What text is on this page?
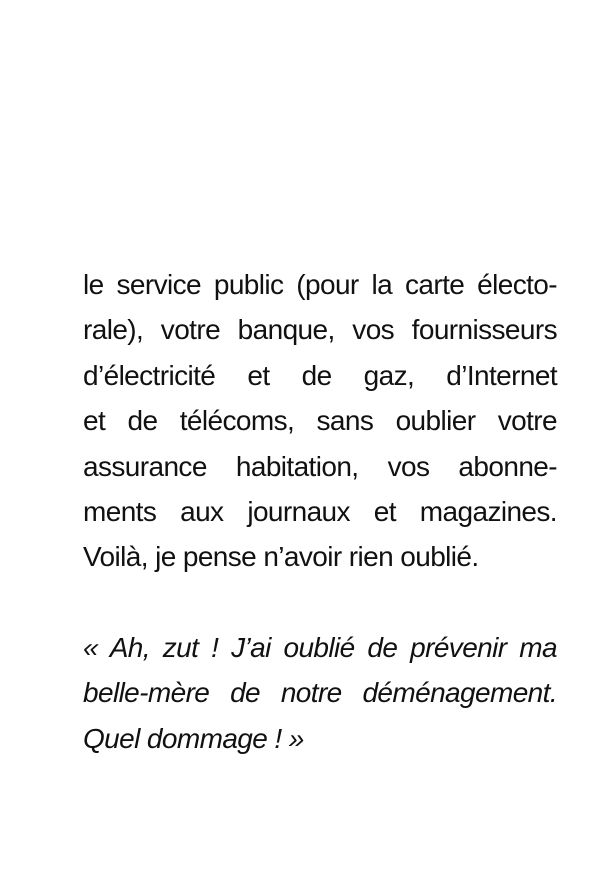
le service public (pour la carte électo-
rale), votre banque, vos fournisseurs
d’électricité et de gaz, d’Internet
et de télécoms, sans oublier votre
assurance habitation, vos abonne-
ments aux journaux et magazines.
Voilà, je pense n’avoir rien oublié.
« Ah, zut ! J’ai oublié de prévenir ma
belle-mère de notre déménagement.
Quel dommage ! »
